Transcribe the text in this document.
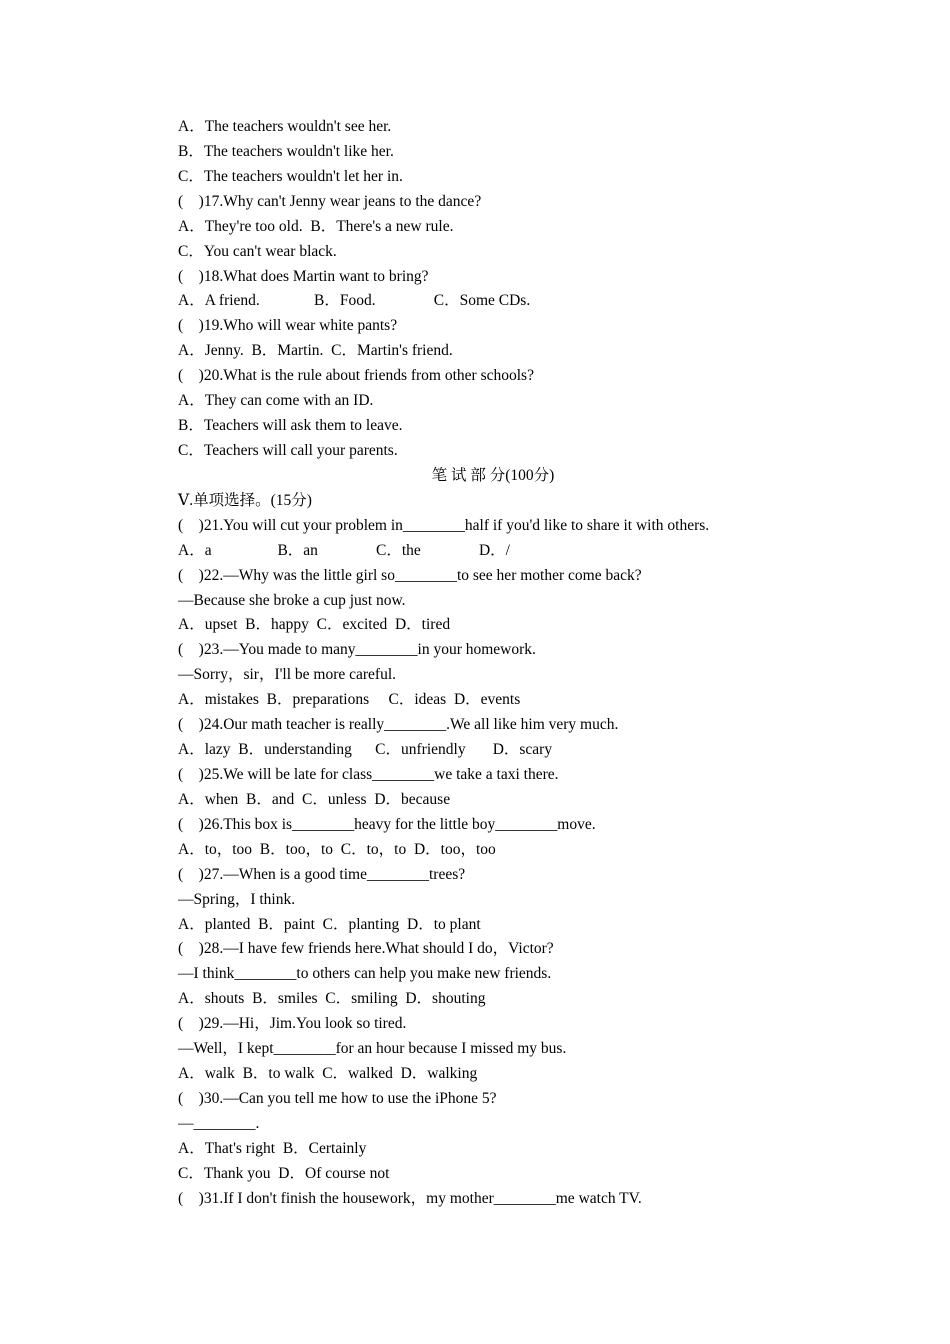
A．The teachers wouldn't see her.
B．The teachers wouldn't like her.
C．The teachers wouldn't let her in.
(    )17.Why can't Jenny wear jeans to the dance?
A．They're too old.  B．There's a new rule.
C．You can't wear black.
(    )18.What does Martin want to bring?
A．A friend.              B．Food.               C．Some CDs.
(    )19.Who will wear white pants?
A．Jenny.  B．Martin.  C．Martin's friend.
(    )20.What is the rule about friends from other schools?
A．They can come with an ID.
B．Teachers will ask them to leave.
C．Teachers will call your parents.
笔 试 部 分(100分)
Ⅴ.单项选择。(15分)
(    )21.You will cut your problem in________half if you'd like to share it with others.
A．a                 B．an               C．the               D．/
(    )22.—Why was the little girl so________to see her mother come back?
—Because she broke a cup just now.
A．upset  B．happy  C．excited  D．tired
(    )23.—You made to many________in your homework.
—Sorry，sir，I'll be more careful.
A．mistakes  B．preparations     C．ideas  D．events
(    )24.Our math teacher is really________.We all like him very much.
A．lazy  B．understanding      C．unfriendly       D．scary
(    )25.We will be late for class________we take a taxi there.
A．when  B．and  C．unless  D．because
(    )26.This box is________heavy for the little boy________move.
A．to，too  B．too，to  C．to，to  D．too，too
(    )27.—When is a good time________trees?
—Spring，I think.
A．planted  B．paint  C．planting  D．to plant
(    )28.—I have few friends here.What should I do，Victor?
—I think________to others can help you make new friends.
A．shouts  B．smiles  C．smiling  D．shouting
(    )29.—Hi，Jim.You look so tired.
—Well，I kept________for an hour because I missed my bus.
A．walk  B．to walk  C．walked  D．walking
(    )30.—Can you tell me how to use the iPhone 5?
—________.
A．That's right  B．Certainly
C．Thank you  D．Of course not
(    )31.If I don't finish the housework，my mother________me watch TV.
